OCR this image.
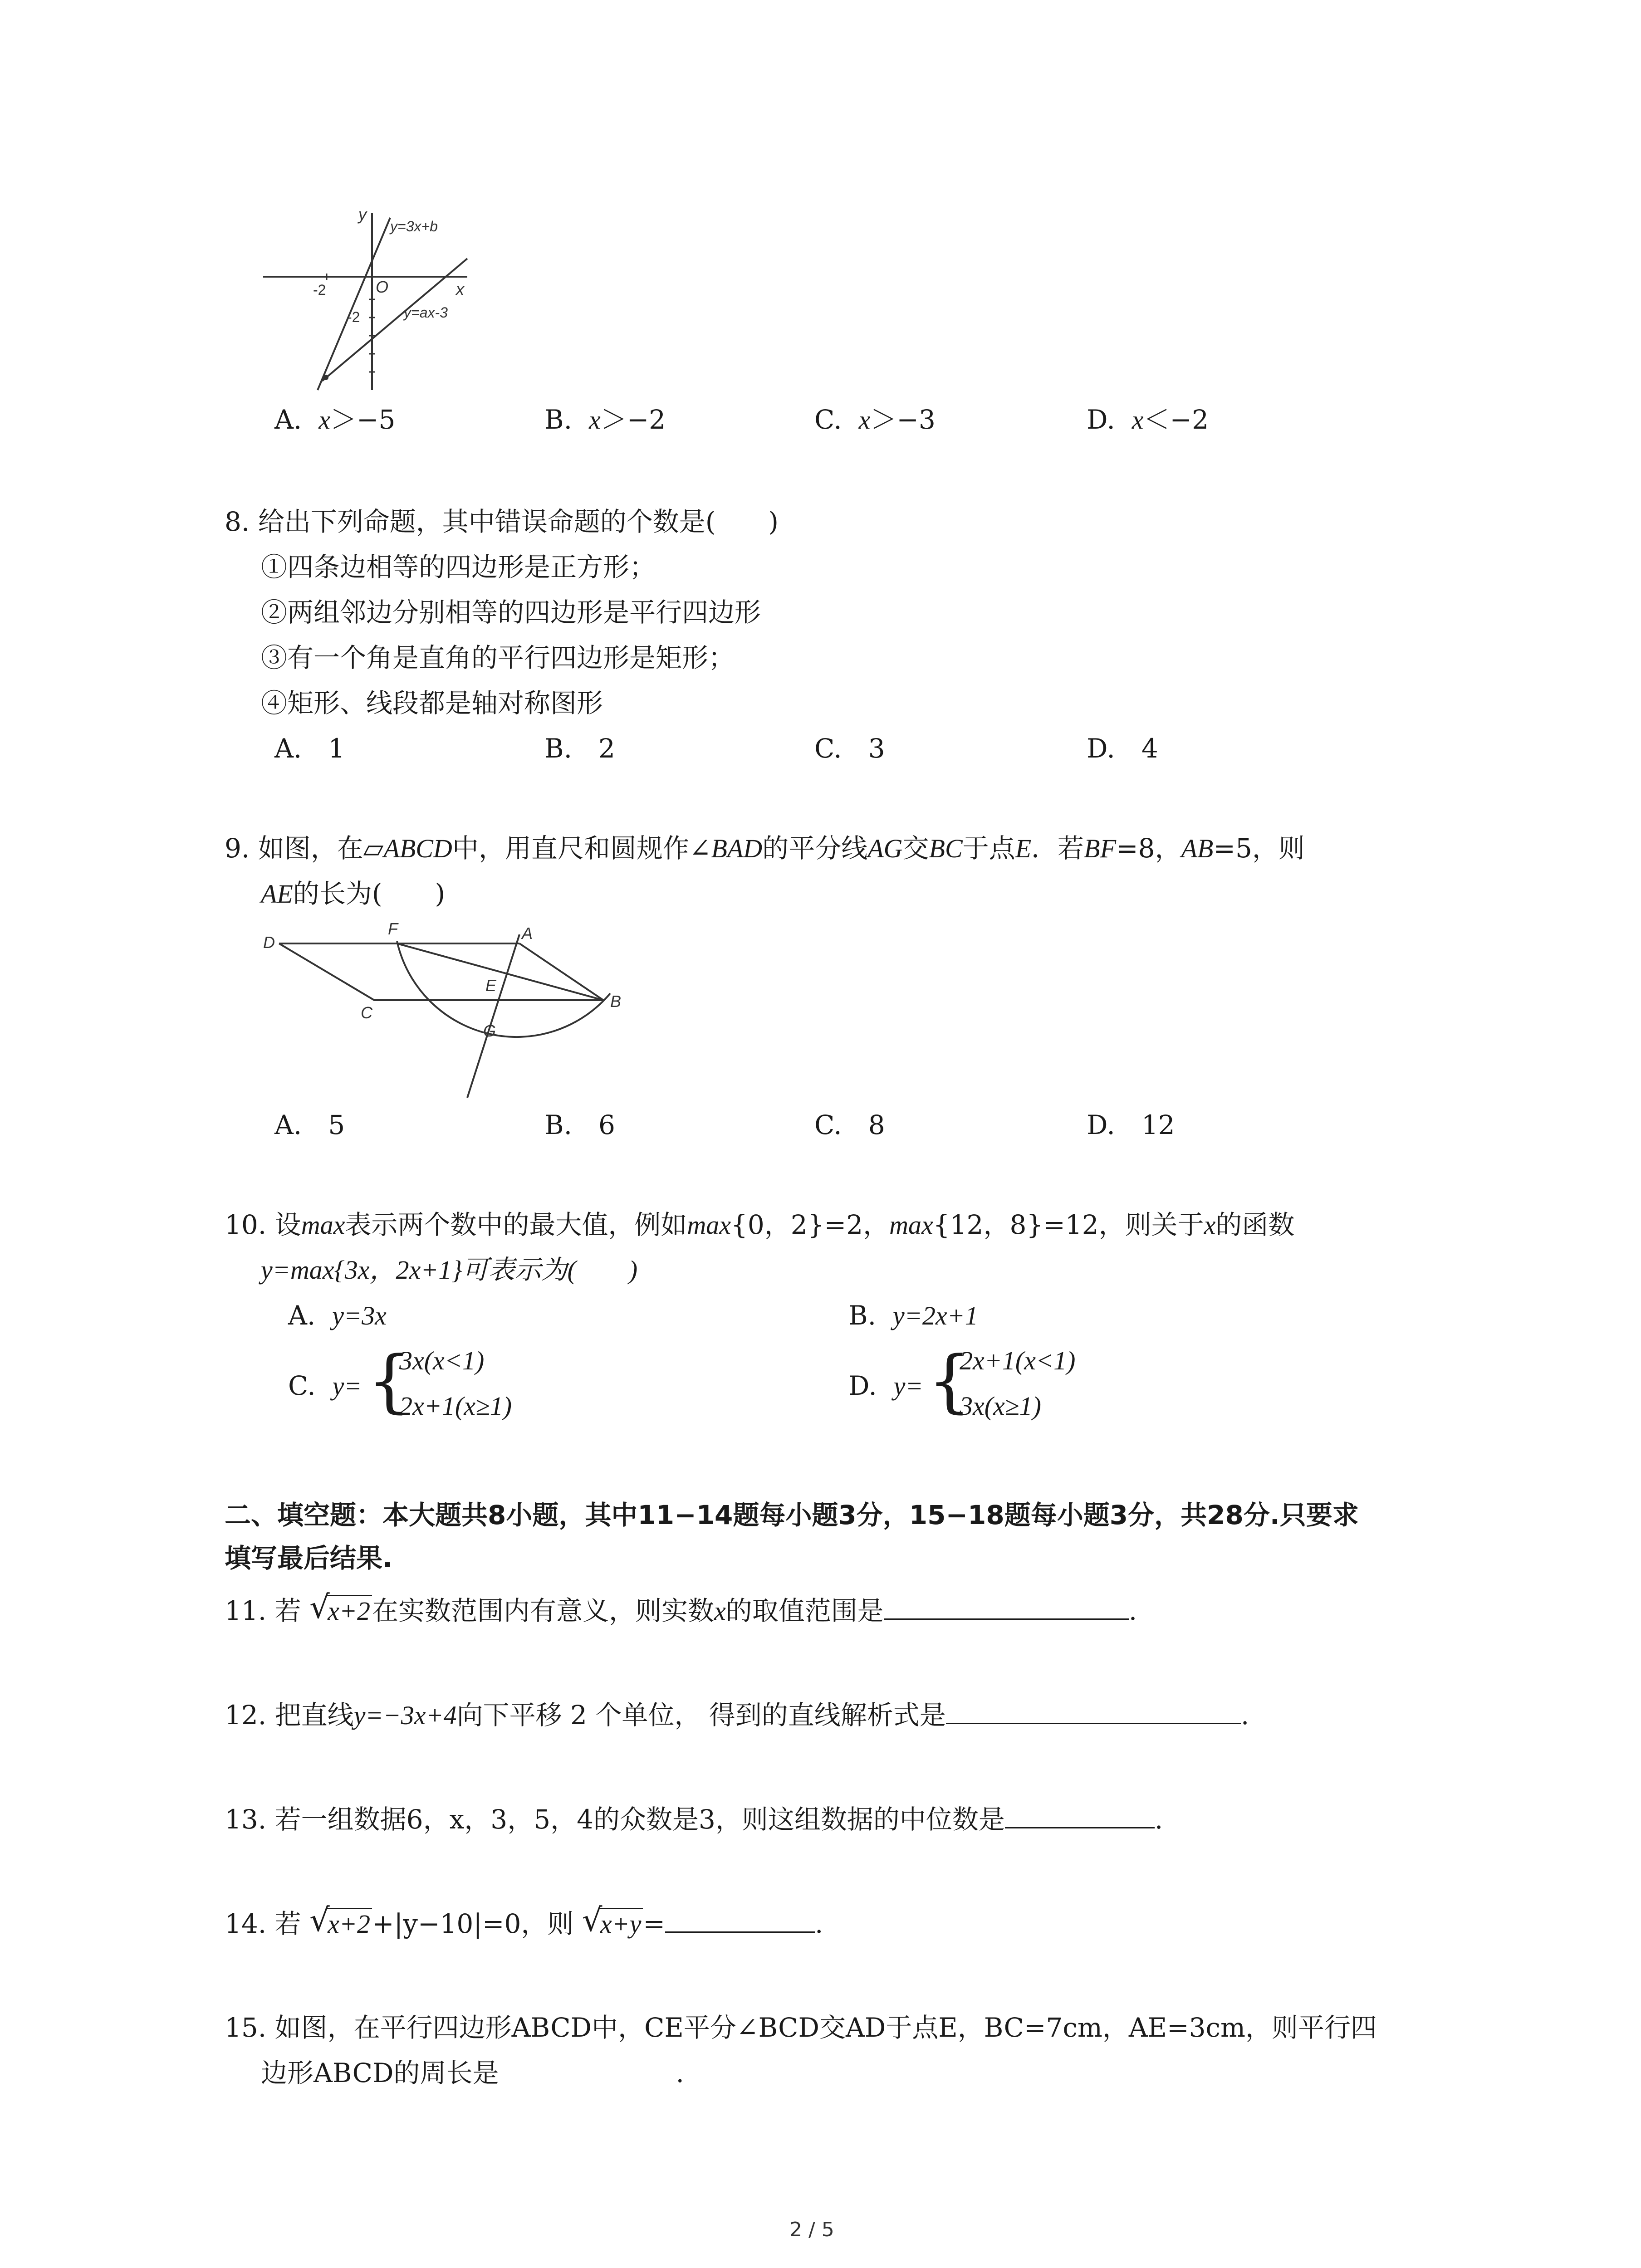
y
x
O
-2
-2
y=3x+b
y=ax-3
A. x＞−5	B. x＞−2	C. x＞−3	D. x＜−2
8. 给出下列命题，其中错误命题的个数是(　　)
①四条边相等的四边形是正方形；
②两组邻边分别相等的四边形是平行四边形
③有一个角是直角的平行四边形是矩形；
④矩形、线段都是轴对称图形
A.　1	B.　2	C.　3	D.　4
9. 如图，在▱ABCD中，用直尺和圆规作∠BAD的平分线AG交BC于点E．若BF=8，AB=5，则
AE的长为(　　)
D
F	A
E
C
G
B
A.　5	B.　6	C.　8	D.　12
10. 设max表示两个数中的最大值，例如max{0，2}=2，max{12，8}=12，则关于x的函数
y=max{3x，2x+1}可表示为(　　)
A. y=3x	B. y=2x+1
C. y= {
3x(x<1)
2x+1(x≥1)
D. y= {
2x+1(x<1)
3x(x≥1)
二、填空题：本大题共8小题，其中11−14题每小题3分，15−18题每小题3分，共28分.只要求
填写最后结果.
11. 若 √
x+2在实数范围内有意义，则实数x的取值范围是	.
12. 把直线y=−3x+4向下平移 2 个单位， 得到的直线解析式是	.
13. 若一组数据6，x，3，5，4的众数是3，则这组数据的中位数是	.
14. 若 √
x+2+|y−10|=0，则 √
x+y=	.
15. 如图，在平行四边形ABCD中，CE平分∠BCD交AD于点E，BC=7cm，AE=3cm，则平行四
边形ABCD的周长是	.
2 / 5
